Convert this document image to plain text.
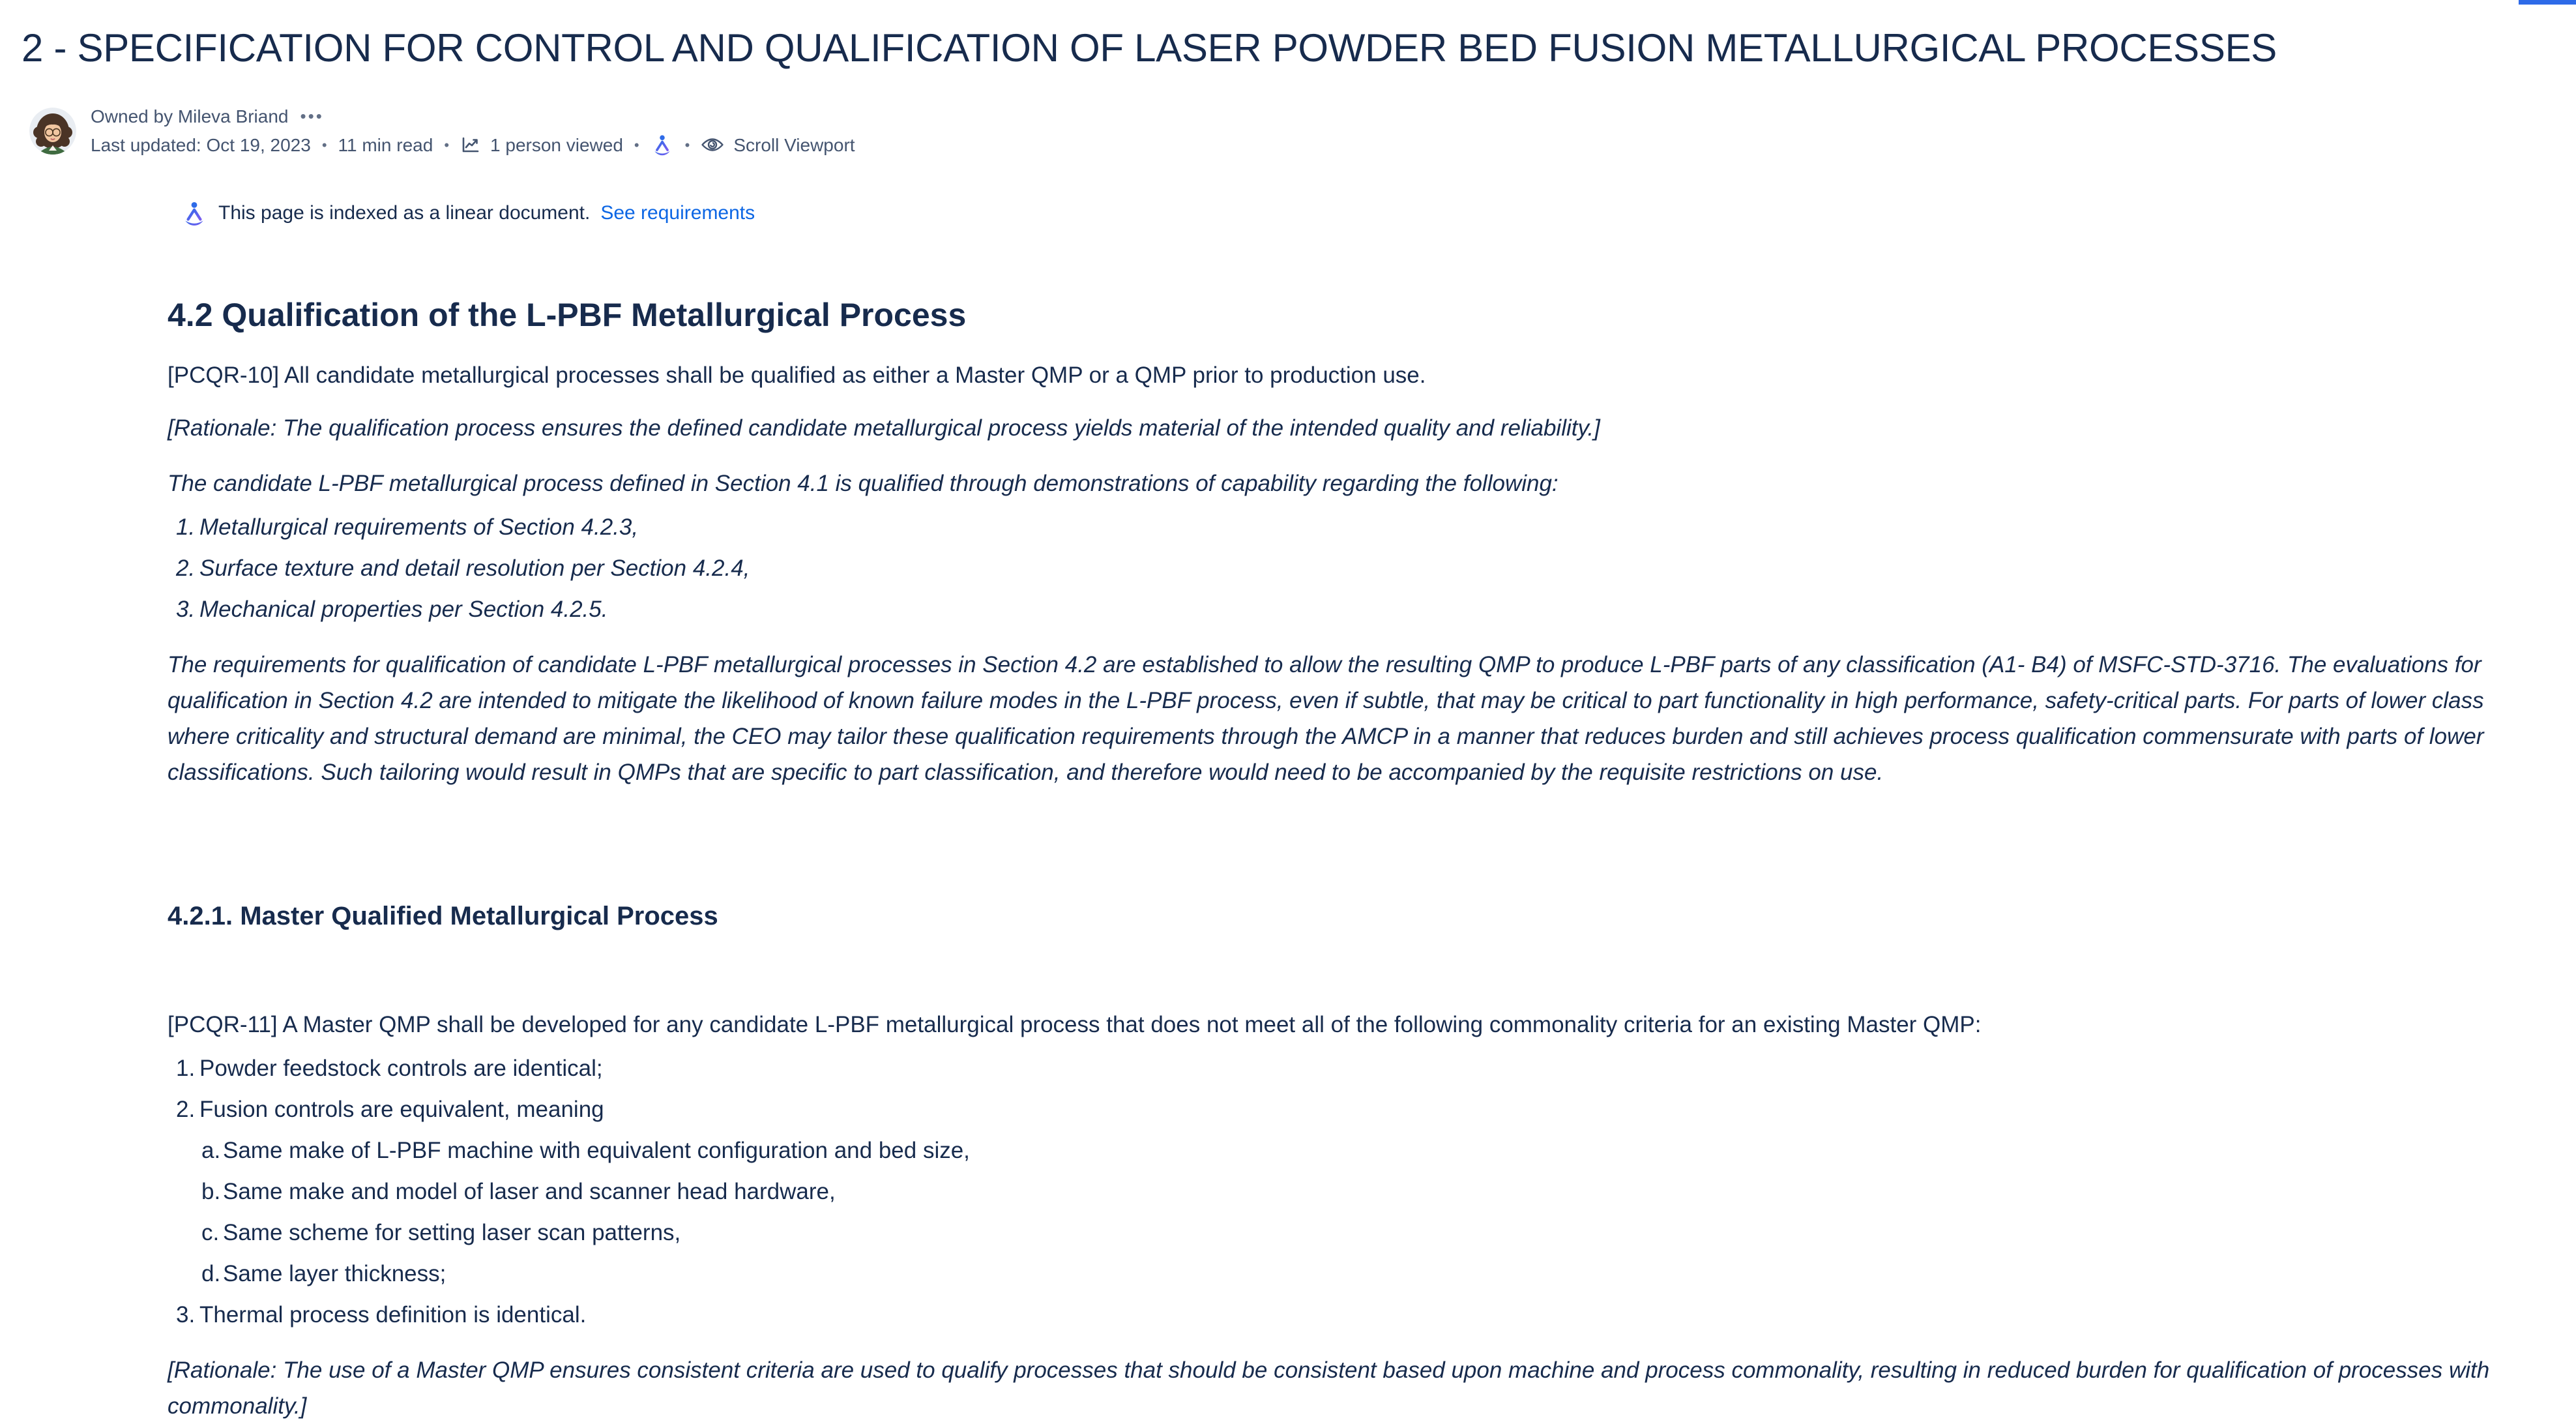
2 - SPECIFICATION FOR CONTROL AND QUALIFICATION OF LASER POWDER BED FUSION METALLURGICAL PROCESSES
Owned by Mileva Briand •••
Last updated: Oct 19, 2023 • 11 min read • 1 person viewed •	• Scroll Viewport
This page is indexed as a linear document. See requirements
4.2 Qualification of the L-PBF Metallurgical Process

[PCQR-10] All candidate metallurgical processes shall be qualified as either a Master QMP or a QMP prior to production use.

[Rationale: The qualification process ensures the defined candidate metallurgical process yields material of the intended quality and reliability.]

The candidate L-PBF metallurgical process defined in Section 4.1 is qualified through demonstrations of capability regarding the following:

1. Metallurgical requirements of Section 4.2.3,
2. Surface texture and detail resolution per Section 4.2.4,
3. Mechanical properties per Section 4.2.5.

The requirements for qualification of candidate L-PBF metallurgical processes in Section 4.2 are established to allow the resulting QMP to produce L-PBF parts of any classification (A1- B4) of MSFC-STD-3716. The evaluations for qualification in Section 4.2 are intended to mitigate the likelihood of known failure modes in the L-PBF process, even if subtle, that may be critical to part functionality in high performance, safety-critical parts. For parts of lower class where criticality and structural demand are minimal, the CEO may tailor these qualification requirements through the AMCP in a manner that reduces burden and still achieves process qualification commensurate with parts of lower classifications. Such tailoring would result in QMPs that are specific to part classification, and therefore would need to be accompanied by the requisite restrictions on use.

4.2.1. Master Qualified Metallurgical Process

[PCQR-11] A Master QMP shall be developed for any candidate L-PBF metallurgical process that does not meet all of the following commonality criteria for an existing Master QMP:

1. Powder feedstock controls are identical;
2. Fusion controls are equivalent, meaning
a. Same make of L-PBF machine with equivalent configuration and bed size,
b. Same make and model of laser and scanner head hardware,
c. Same scheme for setting laser scan patterns,
d. Same layer thickness;
3. Thermal process definition is identical.

[Rationale: The use of a Master QMP ensures consistent criteria are used to qualify processes that should be consistent based upon machine and process commonality, resulting in reduced burden for qualification of processes with commonality.]
